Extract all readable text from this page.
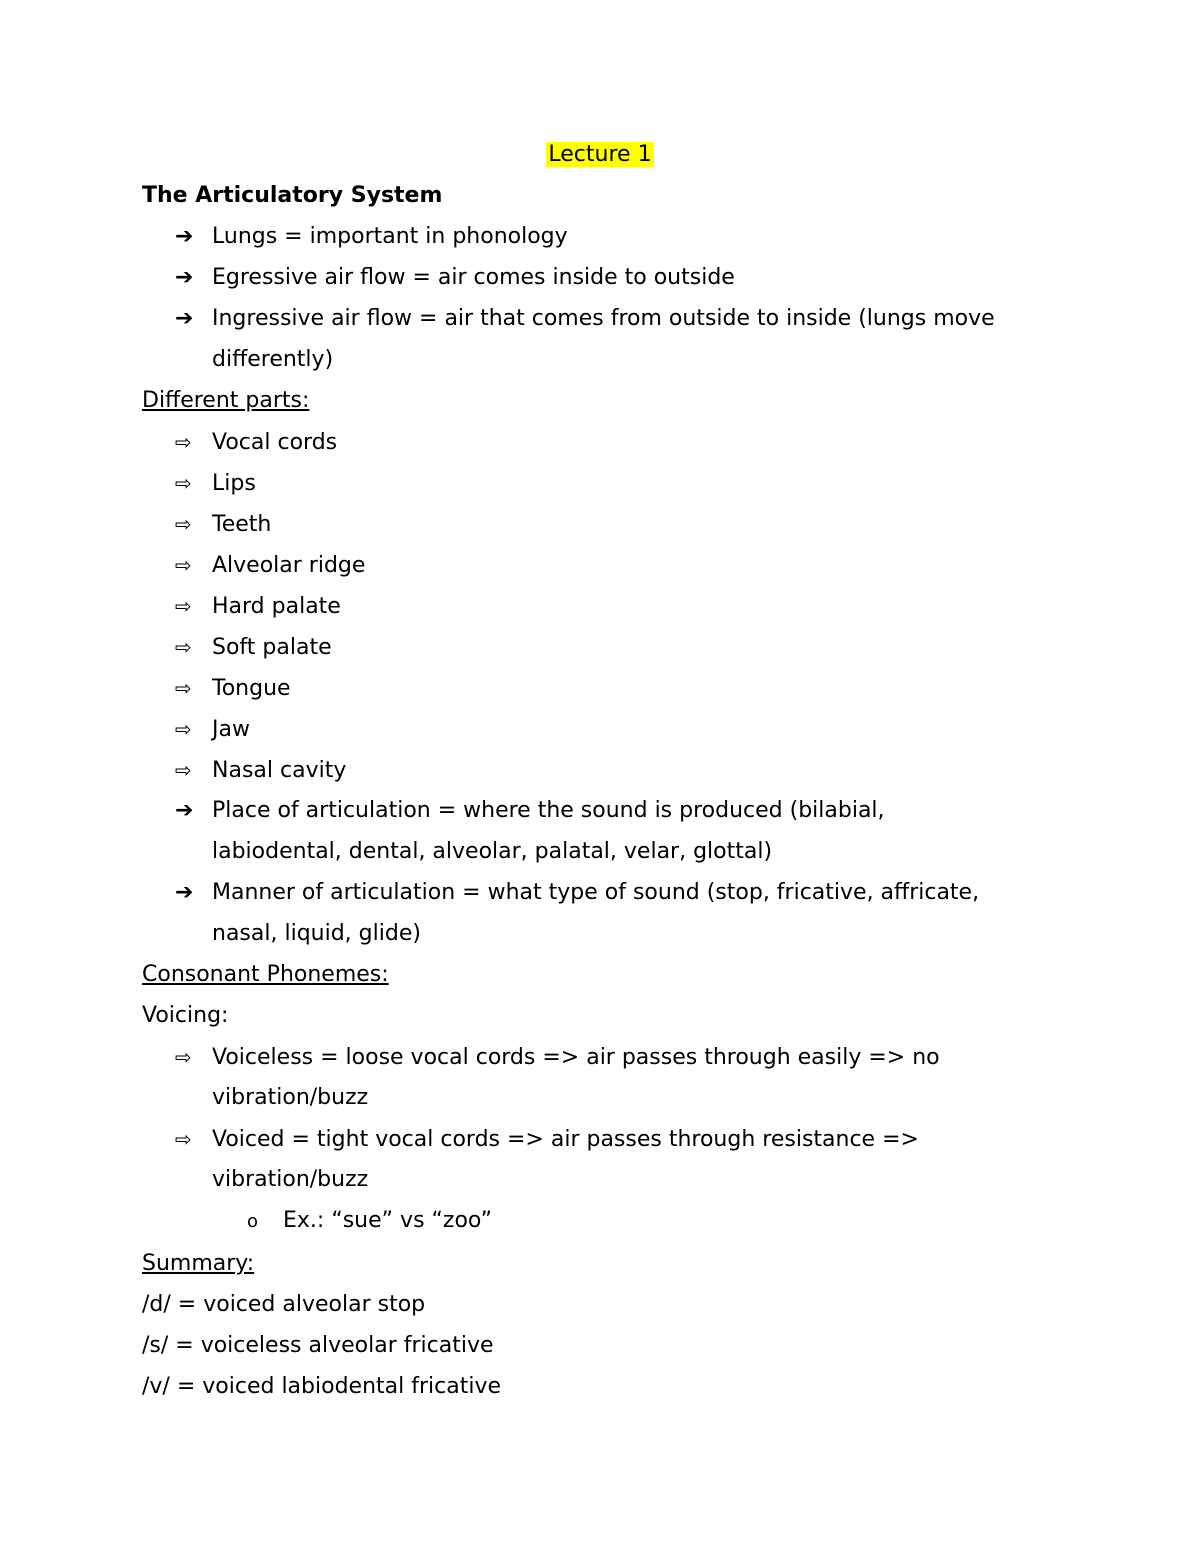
Lecture 1
The Articulatory System
➔ Lungs = important in phonology
➔ Egressive air flow = air comes inside to outside
➔ Ingressive air flow = air that comes from outside to inside (lungs move
differently)
Different parts:
⇨ Vocal cords
⇨ Lips
⇨ Teeth
⇨ Alveolar ridge
⇨ Hard palate
⇨ Soft palate
⇨ Tongue
⇨ Jaw
⇨ Nasal cavity
➔ Place of articulation = where the sound is produced (bilabial,
labiodental, dental, alveolar, palatal, velar, glottal)
➔ Manner of articulation = what type of sound (stop, fricative, affricate,
nasal, liquid, glide)
Consonant Phonemes:
Voicing:
⇨ Voiceless = loose vocal cords => air passes through easily => no
vibration/buzz
⇨ Voiced = tight vocal cords => air passes through resistance =>
vibration/buzz
o Ex.: “sue” vs “zoo”
Summary:
/d/ = voiced alveolar stop
/s/ = voiceless alveolar fricative
/v/ = voiced labiodental fricative
